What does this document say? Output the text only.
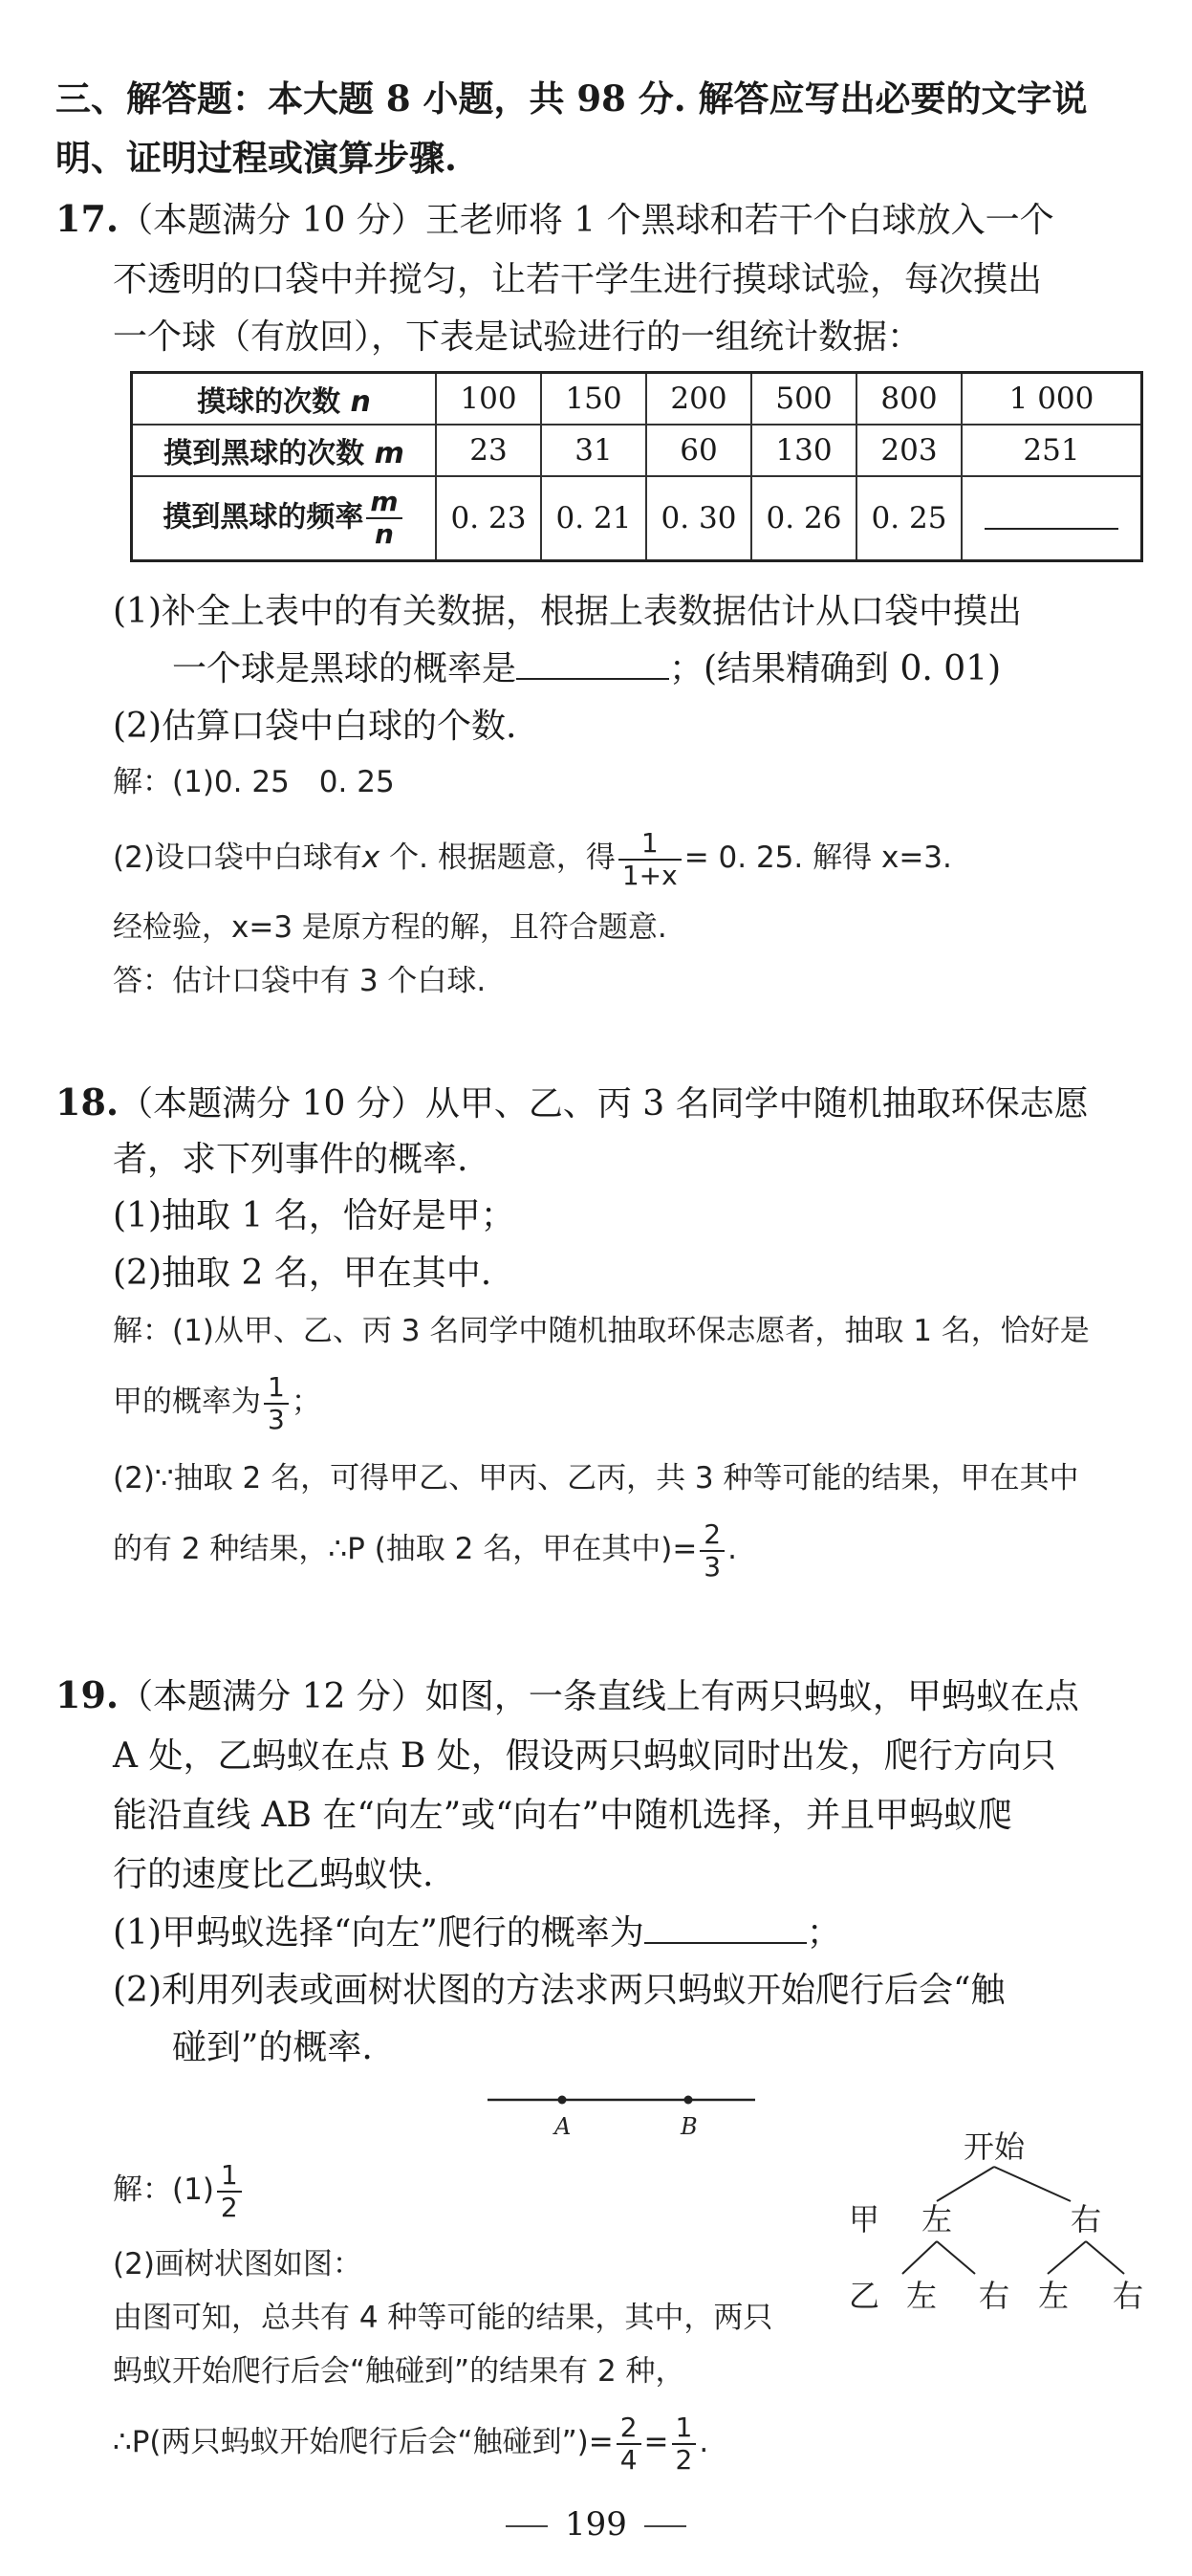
三、解答题：本大题 8 小题，共 98 分. 解答应写出必要的文字说明、证明过程或演算步骤.
17.（本题满分 10 分）王老师将 1 个黑球和若干个白球放入一个
不透明的口袋中并搅匀，让若干学生进行摸球试验，每次摸出
一个球（有放回），下表是试验进行的一组统计数据：
摸球的次数 n	100	150	200	500	800	1 000
摸到黑球的次数 m	23	31	60	130	203	251
摸到黑球的频率 $\frac{m}{n}$	0. 23	0. 21	0. 30	0. 26	0. 25	
(1)补全上表中的有关数据，根据上表数据估计从口袋中摸出
一个球是黑球的概率是	；(结果精确到 0. 01)
(2)估算口袋中白球的个数.
解：(1)0. 25　0. 25
(2)设口袋中白球有x 个. 根据题意，得 $\frac{1}{1+x} = 0$. 25. 解得 x=3.
经检验，x=3 是原方程的解，且符合题意.
答：估计口袋中有 3 个白球.
18.（本题满分 10 分）从甲、乙、丙 3 名同学中随机抽取环保志愿
者，求下列事件的概率.
(1)抽取 1 名，恰好是甲；
(2)抽取 2 名，甲在其中.
解：(1)从甲、乙、丙 3 名同学中随机抽取环保志愿者，抽取 1 名，恰好是
甲的概率为 $\frac{1}{3}$ ；
(2)∵抽取 2 名，可得甲乙、甲丙、乙丙，共 3 种等可能的结果，甲在其中
的有 2 种结果，∴P (抽取 2 名，甲在其中)= $\frac{2}{3}$ .
19.（本题满分 12 分）如图，一条直线上有两只蚂蚁，甲蚂蚁在点
A 处，乙蚂蚁在点 B 处，假设两只蚂蚁同时出发，爬行方向只
能沿直线 AB 在“向左”或“向右”中随机选择，并且甲蚂蚁爬
行的速度比乙蚂蚁快.
(1)甲蚂蚁选择“向左”爬行的概率为	；
(2)利用列表或画树状图的方法求两只蚂蚁开始爬行后会“触
碰到”的概率.
A	B
解：$(1) \frac{1}{2}$
(2)画树状图如图：
由图可知，总共有 4 种等可能的结果，其中，两只
蚂蚁开始爬行后会“触碰到”的结果有 2 种，
∴P(两只蚂蚁开始爬行后会“触碰到”)= $\frac{2}{4} = \frac{1}{2}$ .
开始
甲 左	右
乙 左 右 左 右
199
